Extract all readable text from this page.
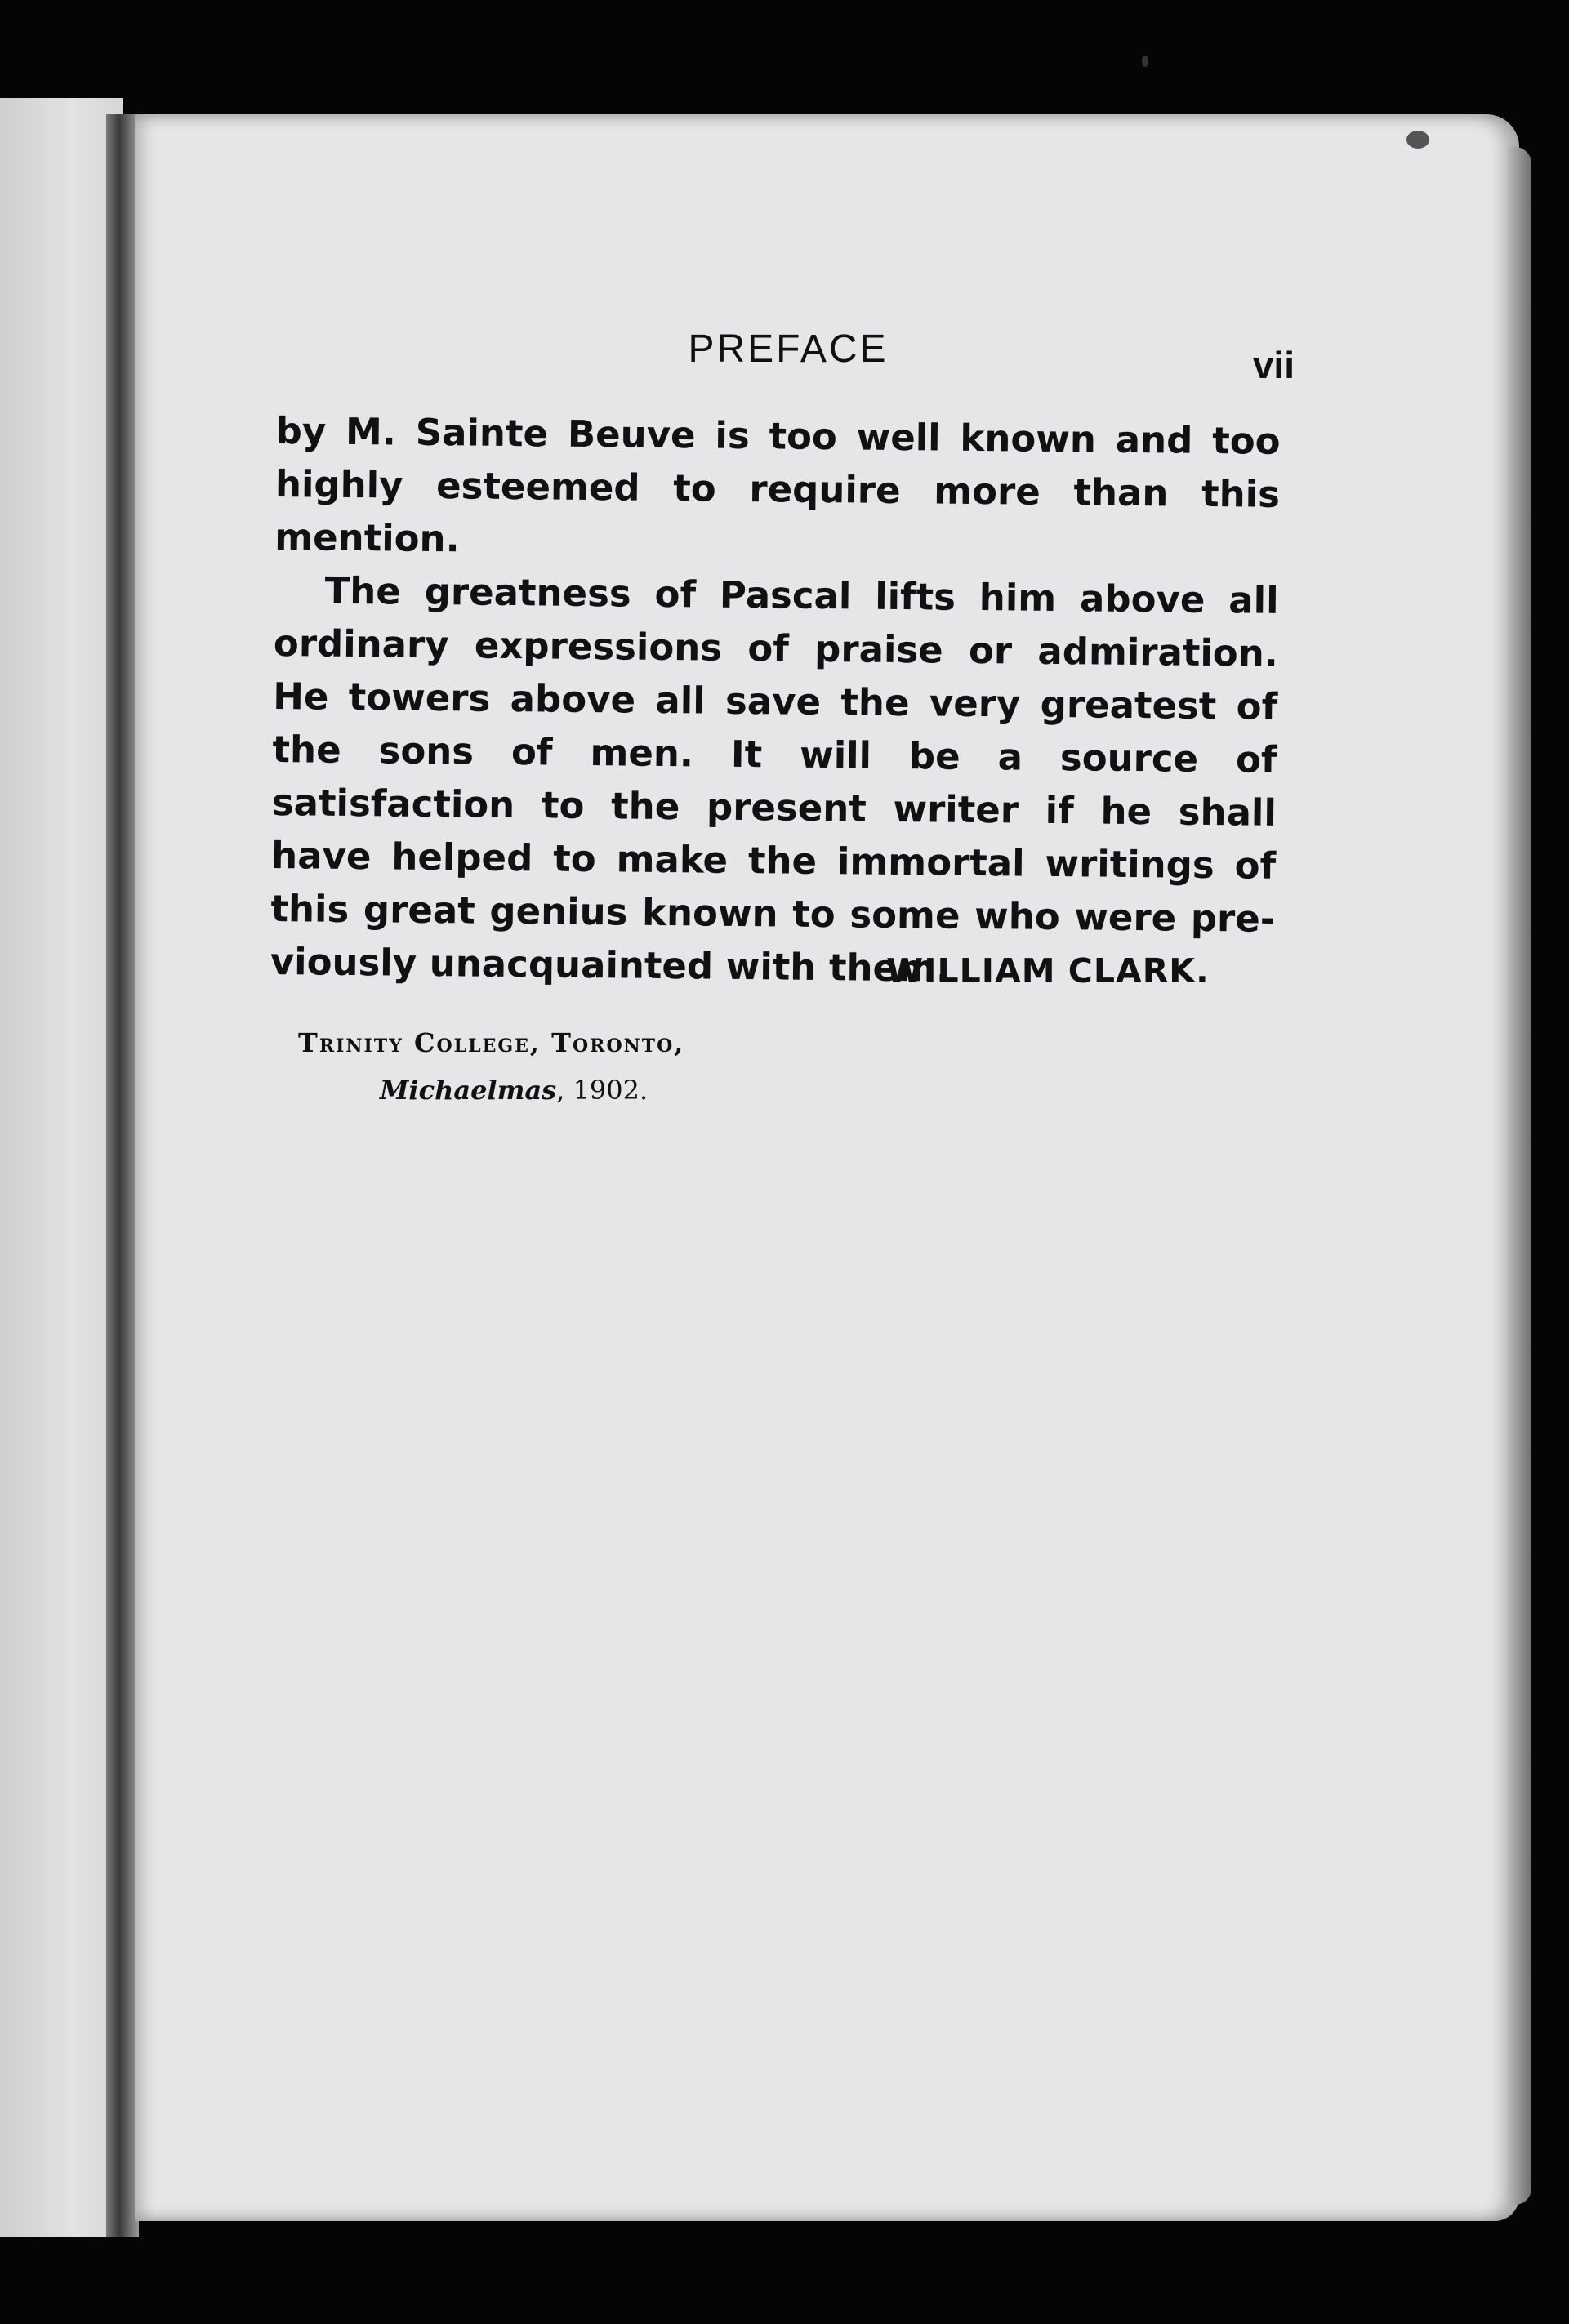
PREFACE	vii

by M. Sainte Beuve is too well known and too highly esteemed to require more than this mention.

The greatness of Pascal lifts him above all ordinary expressions of praise or admiration. He towers above all save the very greatest of the sons of men. It will be a source of satisfaction to the present writer if he shall have helped to make the immortal writings of this great genius known to some who were pre-viously unacquainted with them.

WILLIAM CLARK.
Trinity College, Toronto,
Michaelmas, 1902.
